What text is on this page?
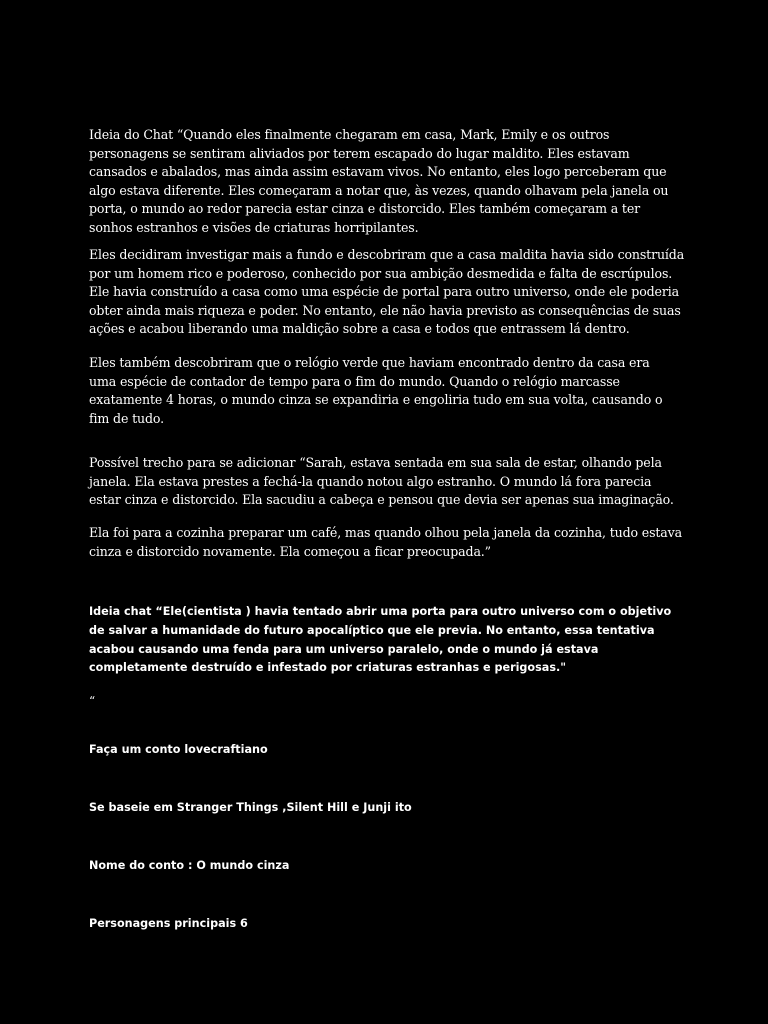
Ideia do Chat “Quando eles finalmente chegaram em casa, Mark, Emily e os outros personagens se sentiram aliviados por terem escapado do lugar maldito. Eles estavam cansados e abalados, mas ainda assim estavam vivos. No entanto, eles logo perceberam que algo estava diferente. Eles começaram a notar que, às vezes, quando olhavam pela janela ou porta, o mundo ao redor parecia estar cinza e distorcido. Eles também começaram a ter sonhos estranhos e visões de criaturas horripilantes.

Eles decidiram investigar mais a fundo e descobriram que a casa maldita havia sido construída por um homem rico e poderoso, conhecido por sua ambição desmedida e falta de escrúpulos. Ele havia construído a casa como uma espécie de portal para outro universo, onde ele poderia obter ainda mais riqueza e poder. No entanto, ele não havia previsto as consequências de suas ações e acabou liberando uma maldição sobre a casa e todos que entrassem lá dentro.

Eles também descobriram que o relógio verde que haviam encontrado dentro da casa era uma espécie de contador de tempo para o fim do mundo. Quando o relógio marcasse exatamente 4 horas, o mundo cinza se expandiria e engoliria tudo em sua volta, causando o fim de tudo.

Possível trecho para se adicionar “Sarah, estava sentada em sua sala de estar, olhando pela janela. Ela estava prestes a fechá-la quando notou algo estranho. O mundo lá fora parecia estar cinza e distorcido. Ela sacudiu a cabeça e pensou que devia ser apenas sua imaginação.

Ela foi para a cozinha preparar um café, mas quando olhou pela janela da cozinha, tudo estava cinza e distorcido novamente. Ela começou a ficar preocupada.”

Ideia chat “Ele(cientista ) havia tentado abrir uma porta para outro universo com o objetivo de salvar a humanidade do futuro apocalíptico que ele previa. No entanto, essa tentativa acabou causando uma fenda para um universo paralelo, onde o mundo já estava completamente destruído e infestado por criaturas estranhas e perigosas."

“

Faça um conto lovecraftiano

Se baseie em Stranger Things ,Silent Hill e Junji ito

Nome do conto : O mundo cinza

Personagens principais 6
